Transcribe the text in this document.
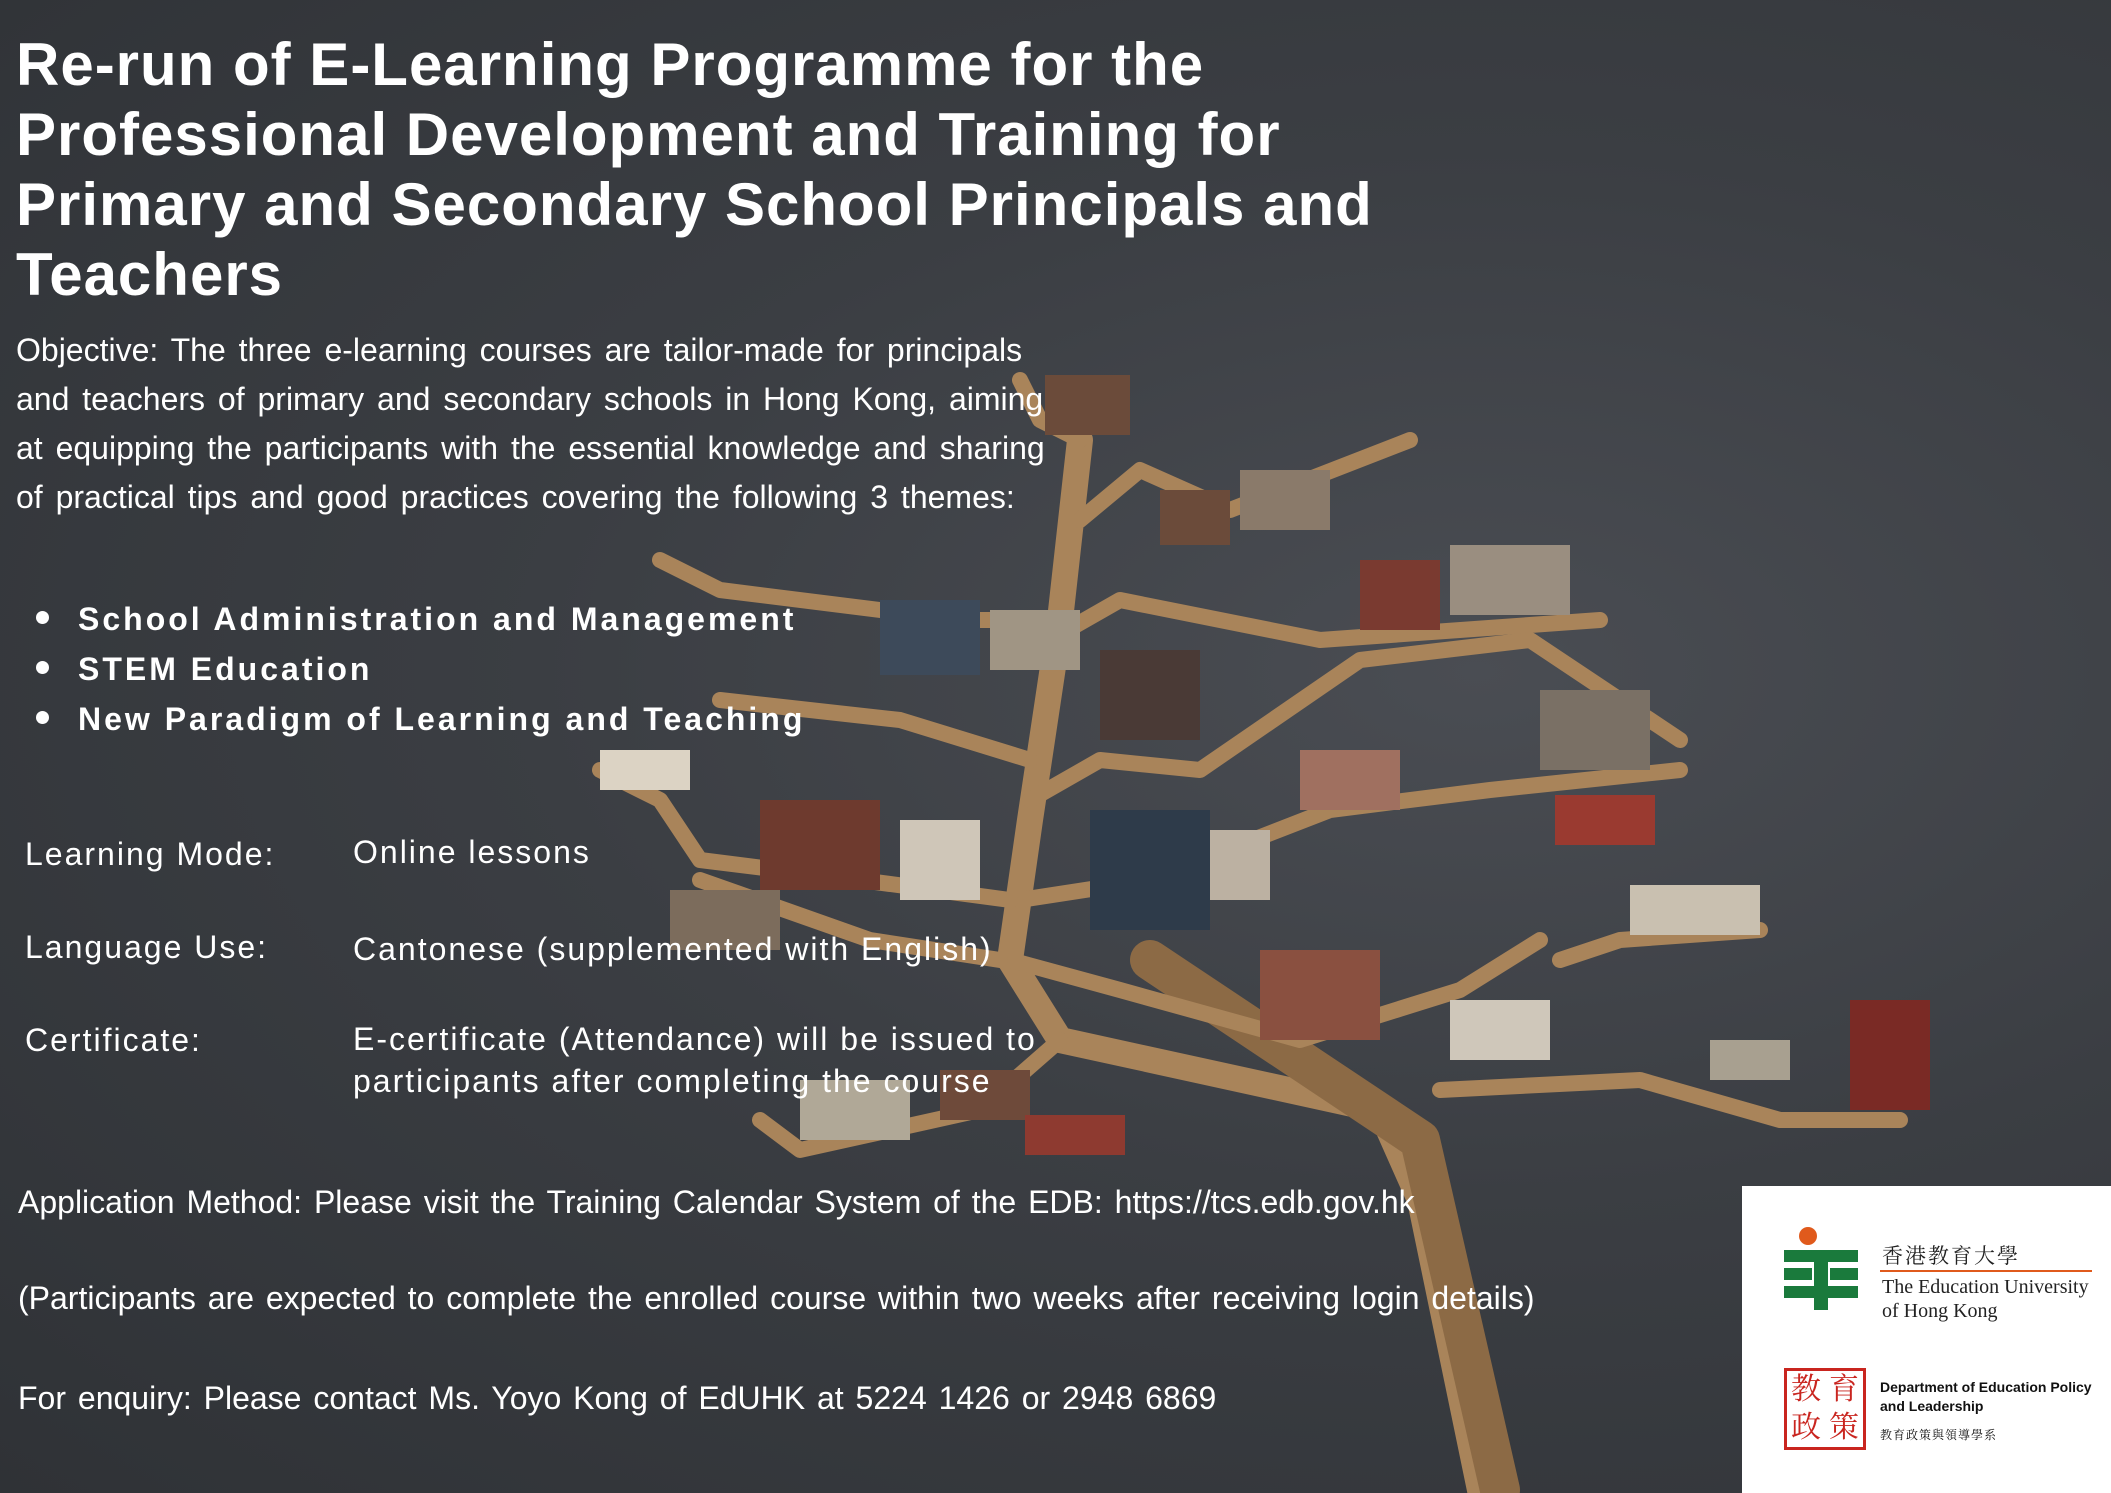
Re-run of E-Learning Programme for the Professional Development and Training for Primary and Secondary School Principals and Teachers

Objective: The three e-learning courses are tailor-made for principals and teachers of primary and secondary schools in Hong Kong, aiming at equipping the participants with the essential knowledge and sharing of practical tips and good practices covering the following 3 themes:

School Administration and Management
STEM Education
New Paradigm of Learning and Teaching
Learning Mode: Online lessons
Language Use:	Cantonese (supplemented with English)
Certificate:	E-certificate (Attendance) will be issued to
participants after completing the course
Application Method: Please visit the Training Calendar System of the EDB: https://tcs.edb.gov.hk
(Participants are expected to complete the enrolled course within two weeks after receiving login details)
For enquiry: Please contact Ms. Yoyo Kong of EdUHK at 5224 1426 or 2948 6869
香港教育大學
The Education University of Hong Kong
教 育
政 策
Department of Education Policy and Leadership
教育政策與領導學系
